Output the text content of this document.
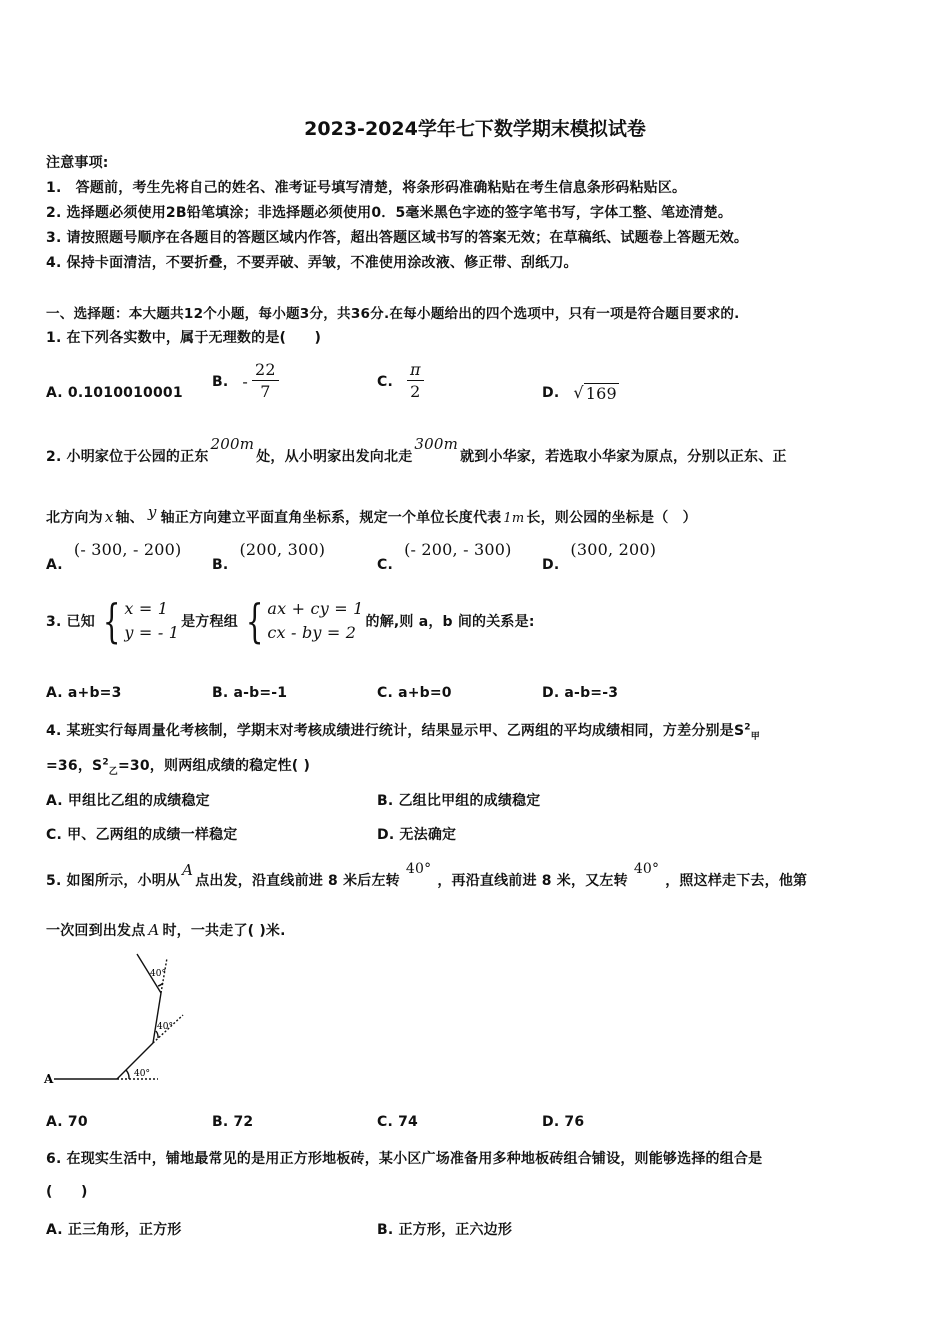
2023-2024学年七下数学期末模拟试卷
注意事项:
1.　答题前，考生先将自己的姓名、准考证号填写清楚，将条形码准确粘贴在考生信息条形码粘贴区。
2. 选择题必须使用2B铅笔填涂；非选择题必须使用0．5毫米黑色字迹的签字笔书写，字体工整、笔迹清楚。
3. 请按照题号顺序在各题目的答题区域内作答，超出答题区域书写的答案无效；在草稿纸、试题卷上答题无效。
4. 保持卡面清洁，不要折叠，不要弄破、弄皱，不准使用涂改液、修正带、刮纸刀。
一、选择题：本大题共12个小题，每小题3分，共36分.在每小题给出的四个选项中，只有一项是符合题目要求的.
1. 在下列各实数中，属于无理数的是(　　)
A. 0.1010010001
B. - $\frac{22}{7}$	C. $\frac{\pi}{2}$	D. √ 169
2. 小明家位于公园的正东200m处，从小明家出发向北走300m就到小华家，若选取小华家为原点，分别以正东、正
北方向为 x 轴、 y 轴正方向建立平面直角坐标系，规定一个单位长度代表 1m 长，则公园的坐标是（　）
A. (- 300, - 200)
B. (200, 300)
C. (- 200, - 300)
D. (300, 200)
3. 已知 { x = 1
y = - 1
是方程组 { ax + cy = 1
cx - by = 2
的解,则 a，b 间的关系是:
A. a+b=3	B. a-b=-1	C. a+b=0	D. a-b=-3
4. 某班实行每周量化考核制，学期末对考核成绩进行统计，结果显示甲、乙两组的平均成绩相同，方差分别是$S^2_甲$
=36，$S^2_乙=30$，则两组成绩的稳定性( )
A. 甲组比乙组的成绩稳定	B. 乙组比甲组的成绩稳定
C. 甲、乙两组的成绩一样稳定	D. 无法确定
5. 如图所示，小明从A点出发，沿直线前进 8 米后左转40°，再沿直线前进 8 米，又左转40°，照这样走下去，他第
一次回到出发点 A 时，一共走了( )米.
40°
40°
40°
A
A. 70	B. 72	C. 74	D. 76
6. 在现实生活中，铺地最常见的是用正方形地板砖，某小区广场准备用多种地板砖组合铺设，则能够选择的组合是
(　　)
A. 正三角形，正方形	B. 正方形，正六边形
